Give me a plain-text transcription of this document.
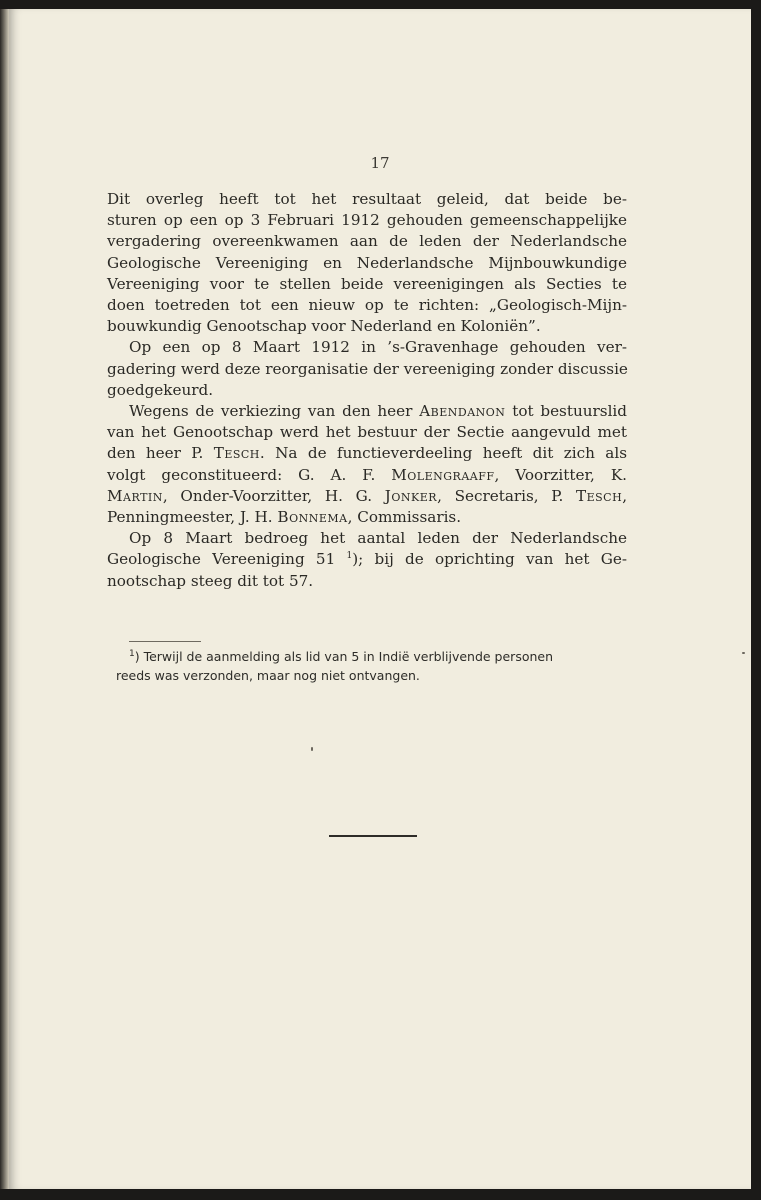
17

Dit overleg heeft tot het resultaat geleid, dat beide be-
sturen op een op 3 Februari 1912 gehouden gemeenschappelijke
vergadering overeenkwamen aan de leden der Nederlandsche
Geologische Vereeniging en Nederlandsche Mijnbouwkundige
Vereeniging voor te stellen beide vereenigingen als Secties te
doen toetreden tot een nieuw op te richten: „Geologisch-Mijn-
bouwkundig Genootschap voor Nederland en Koloniën”.

Op een op 8 Maart 1912 in ’s-Gravenhage gehouden ver-
gadering werd deze reorganisatie der vereeniging zonder discussie
goedgekeurd.

Wegens de verkiezing van den heer Abendanon tot bestuurslid
van het Genootschap werd het bestuur der Sectie aangevuld met
den heer P. Tesch. Na de functieverdeeling heeft dit zich als
volgt geconstitueerd: G. A. F. Molengraaff, Voorzitter, K.
Martin, Onder-Voorzitter, H. G. Jonker, Secretaris, P. Tesch,
Penningmeester, J. H. Bonnema, Commissaris.

Op 8 Maart bedroeg het aantal leden der Nederlandsche
Geologische Vereeniging 51 $^1$); bij de oprichting van het Ge-
nootschap steeg dit tot 57.

$^1$) Terwijl de aanmelding als lid van 5 in Indië verblijvende personen
reeds was verzonden, maar nog niet ontvangen.
